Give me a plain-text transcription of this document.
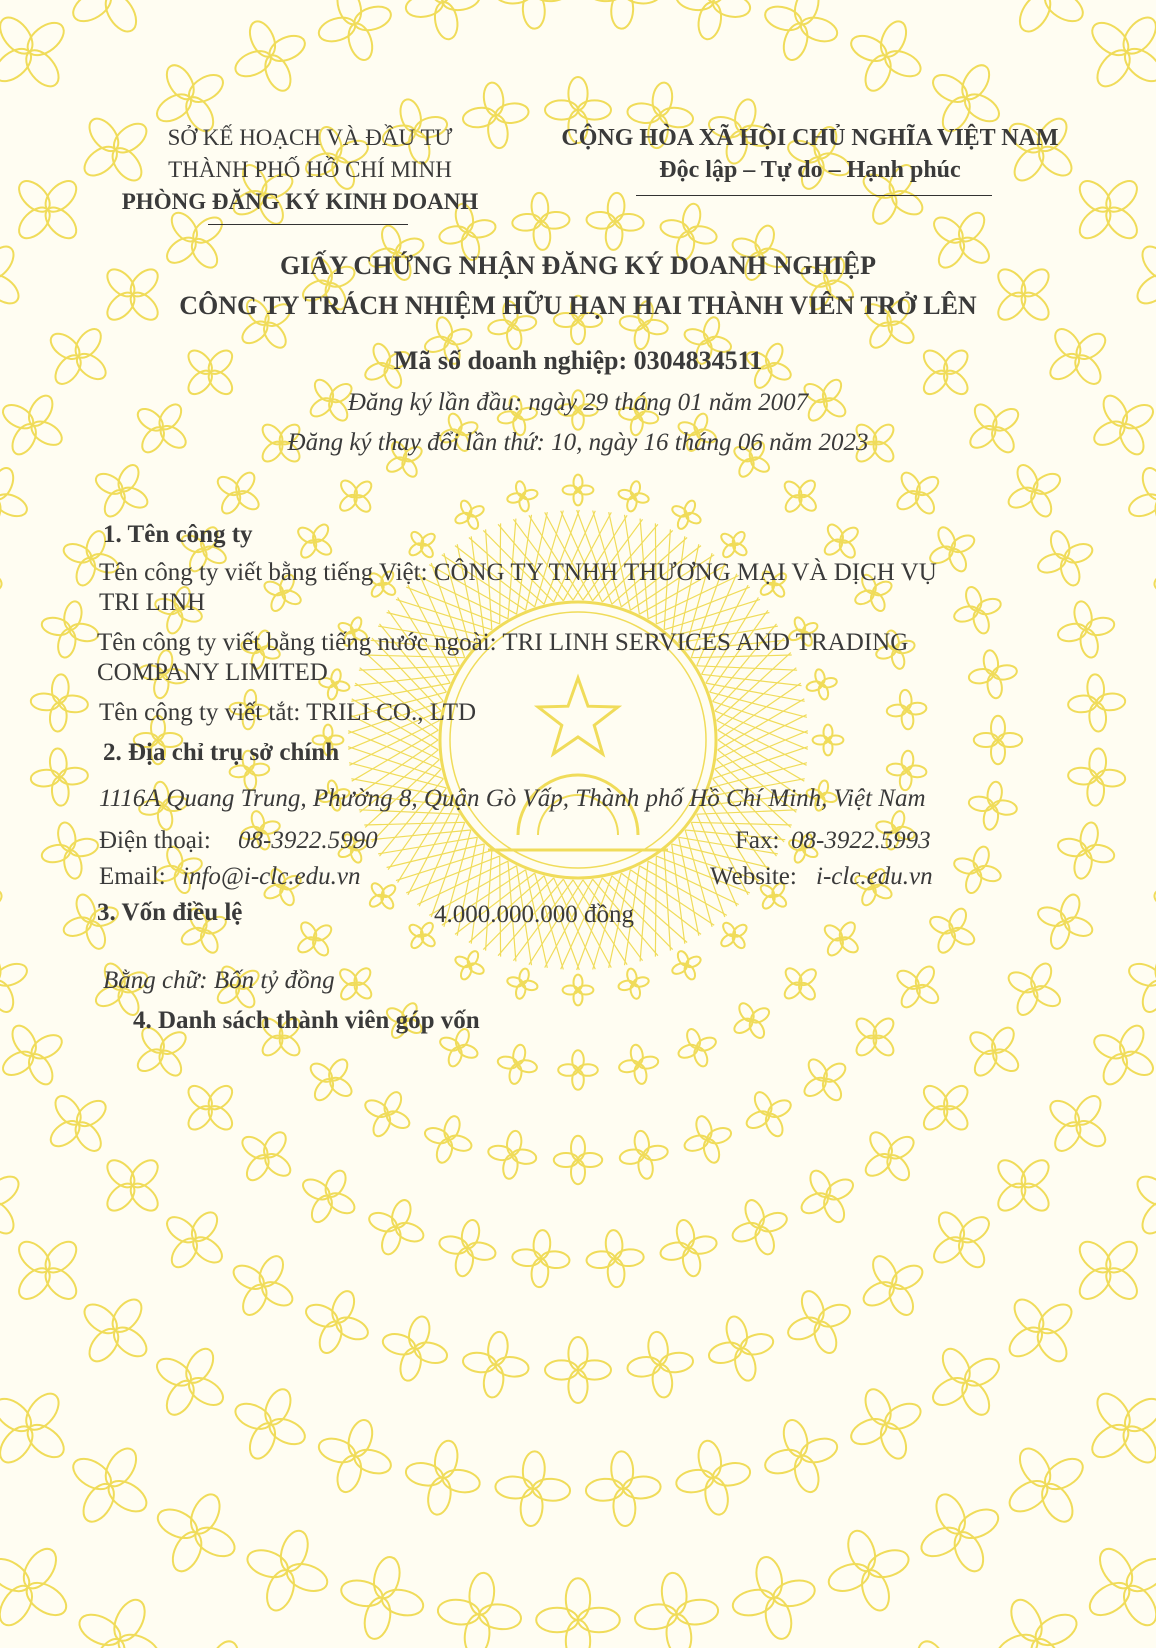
SỞ KẾ HOẠCH VÀ ĐẦU TƯ
THÀNH PHỐ HỒ CHÍ MINH
PHÒNG ĐĂNG KÝ KINH DOANH
CỘNG HÒA XÃ HỘI CHỦ NGHĨA VIỆT NAM
Độc lập – Tự do – Hạnh phúc
GIẤY CHỨNG NHẬN ĐĂNG KÝ DOANH NGHIỆP
CÔNG TY TRÁCH NHIỆM HỮU HẠN HAI THÀNH VIÊN TRỞ LÊN
Mã số doanh nghiệp: 0304834511
Đăng ký lần đầu: ngày 29 tháng 01 năm 2007
Đăng ký thay đổi lần thứ: 10, ngày 16 tháng 06 năm 2023
1. Tên công ty
Tên công ty viết bằng tiếng Việt: CÔNG TY TNHH THƯƠNG MẠI VÀ DỊCH VỤ
TRI LINH
Tên công ty viết bằng tiếng nước ngoài: TRI LINH SERVICES AND TRADING
COMPANY LIMITED
Tên công ty viết tắt: TRILI CO., LTD
2. Địa chỉ trụ sở chính
1116A Quang Trung, Phường 8, Quận Gò Vấp, Thành phố Hồ Chí Minh, Việt Nam
Điện thoại: 08-3922.5990	Fax: 08-3922.5993
Email: info@i-clc.edu.vn	Website: i-clc.edu.vn
3. Vốn điều lệ	4.000.000.000 đồng
Bằng chữ: Bốn tỷ đồng
4. Danh sách thành viên góp vốn
